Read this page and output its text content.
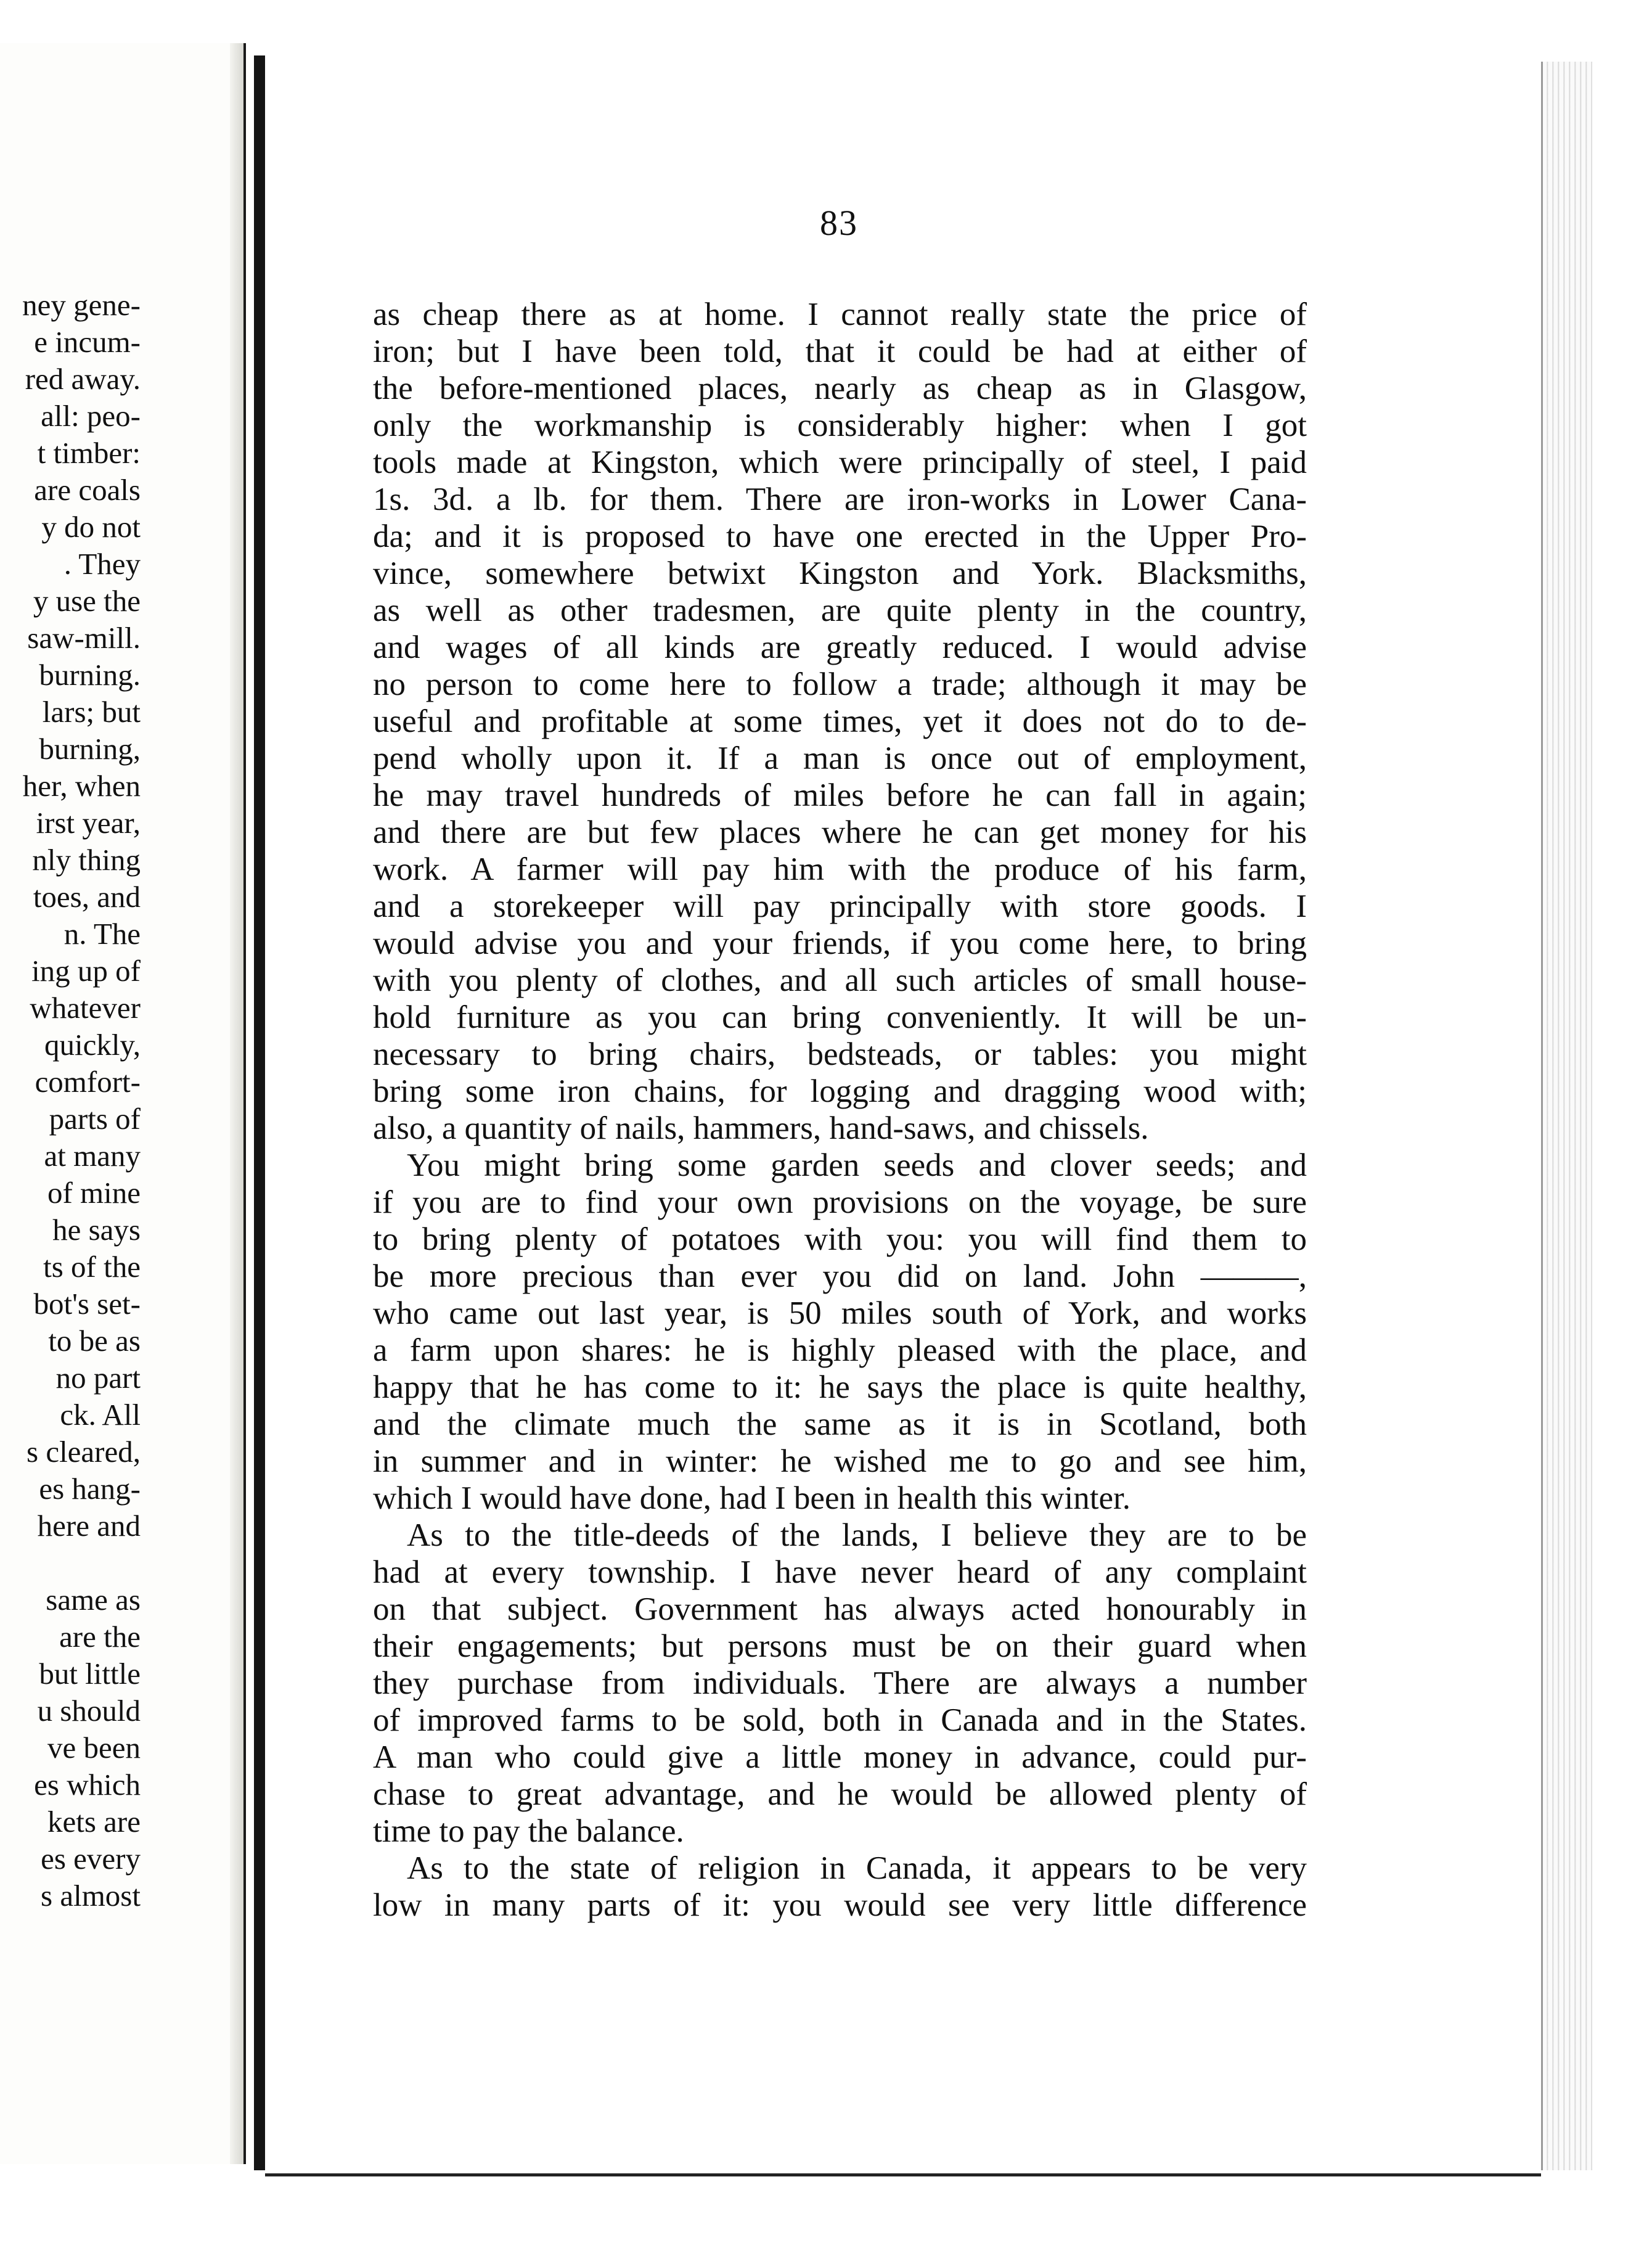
ney gene-
e incum-
red away.
all: peo-
t timber:
are coals
y do not
. They
y use the
saw-mill.
burning.
lars; but
burning,
her, when
irst year,
nly thing
toes, and
n. The
ing up of
whatever
quickly,
comfort-
parts of
at many
of mine
he says
ts of the
bot's set-
to be as
no part
ck. All
s cleared,
es hang-
here and
same as
are the
but little
u should
ve been
es which
kets are
es every
s almost
83
as cheap there as at home. I cannot really state the price of
iron; but I have been told, that it could be had at either of
the before-mentioned places, nearly as cheap as in Glasgow,
only the workmanship is considerably higher: when I got
tools made at Kingston, which were principally of steel, I paid
1s. 3d. a lb. for them. There are iron-works in Lower Cana-
da; and it is proposed to have one erected in the Upper Pro-
vince, somewhere betwixt Kingston and York. Blacksmiths,
as well as other tradesmen, are quite plenty in the country,
and wages of all kinds are greatly reduced. I would advise
no person to come here to follow a trade; although it may be
useful and profitable at some times, yet it does not do to de-
pend wholly upon it. If a man is once out of employment,
he may travel hundreds of miles before he can fall in again;
and there are but few places where he can get money for his
work. A farmer will pay him with the produce of his farm,
and a storekeeper will pay principally with store goods. I
would advise you and your friends, if you come here, to bring
with you plenty of clothes, and all such articles of small house-
hold furniture as you can bring conveniently. It will be un-
necessary to bring chairs, bedsteads, or tables: you might
bring some iron chains, for logging and dragging wood with;
also, a quantity of nails, hammers, hand-saws, and chissels.
You might bring some garden seeds and clover seeds; and
if you are to find your own provisions on the voyage, be sure
to bring plenty of potatoes with you: you will find them to
be more precious than ever you did on land. John ———,
who came out last year, is 50 miles south of York, and works
a farm upon shares: he is highly pleased with the place, and
happy that he has come to it: he says the place is quite healthy,
and the climate much the same as it is in Scotland, both
in summer and in winter: he wished me to go and see him,
which I would have done, had I been in health this winter.
As to the title-deeds of the lands, I believe they are to be
had at every township. I have never heard of any complaint
on that subject. Government has always acted honourably in
their engagements; but persons must be on their guard when
they purchase from individuals. There are always a number
of improved farms to be sold, both in Canada and in the States.
A man who could give a little money in advance, could pur-
chase to great advantage, and he would be allowed plenty of
time to pay the balance.
As to the state of religion in Canada, it appears to be very
low in many parts of it: you would see very little difference
